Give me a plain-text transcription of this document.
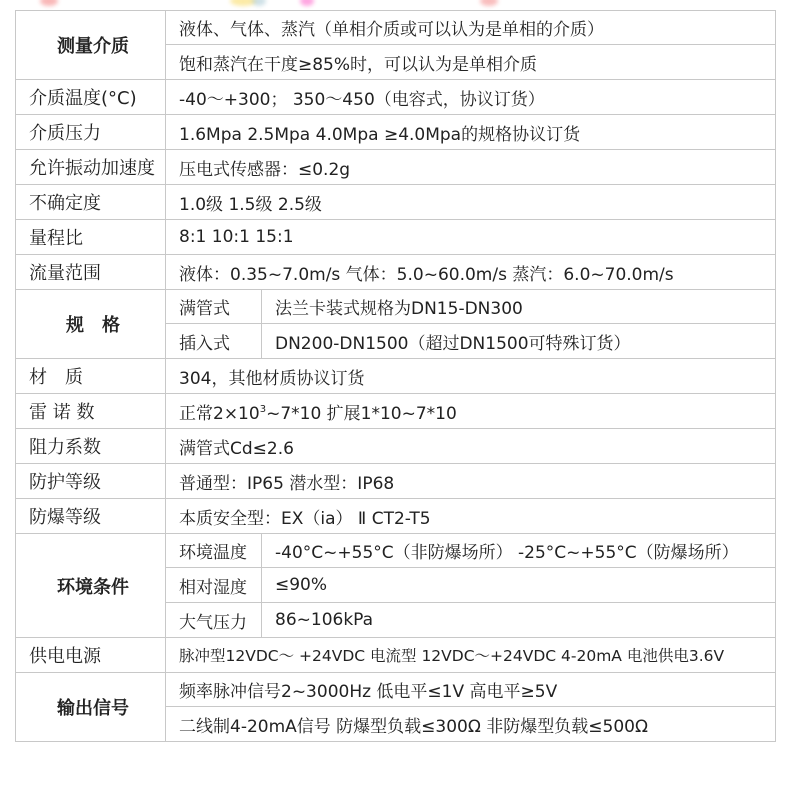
测量介质	液体、气体、蒸汽（单相介质或可以认为是单相的介质）	
	饱和蒸汽在干度≥85%时，可以认为是单相介质	
介质温度(°C)	-40～+300； 350～450（电容式，协议订货）	
介质压力	1.6Mpa 2.5Mpa 4.0Mpa ≥4.0Mpa的规格协议订货	
允许振动加速度	压电式传感器：≤0.2g	
不确定度	1.0级 1.5级 2.5级	
量程比	8:1 10:1 15:1	
流量范围	液体：0.35~7.0m/s 气体：5.0~60.0m/s 蒸汽：6.0~70.0m/s	
规　格	满管式	法兰卡装式规格为DN15-DN300
	插入式	DN200-DN1500（超过DN1500可特殊订货）
材　质	304，其他材质协议订货	
雷 诺 数	正常$2\times 10^3\sim 7*10$ 扩展1*10~7*10	
阻力系数	满管式Cd≤2.6	
防护等级	普通型：IP65 潜水型：IP68	
防爆等级	本质安全型：EX（ia） Ⅱ CT2-T5	
环境条件	环境温度	-40°C~+55°C（非防爆场所） -25°C~+55°C（防爆场所）
	相对湿度	≤90%
	大气压力	86~106kPa
供电电源	脉冲型12VDC～ +24VDC 电流型 12VDC～+24VDC 4-20mA 电池供电3.6V	
输出信号	频率脉冲信号2~3000Hz 低电平≤1V 高电平≥5V	
	二线制4-20mA信号 防爆型负载≤300Ω 非防爆型负载≤500Ω	
